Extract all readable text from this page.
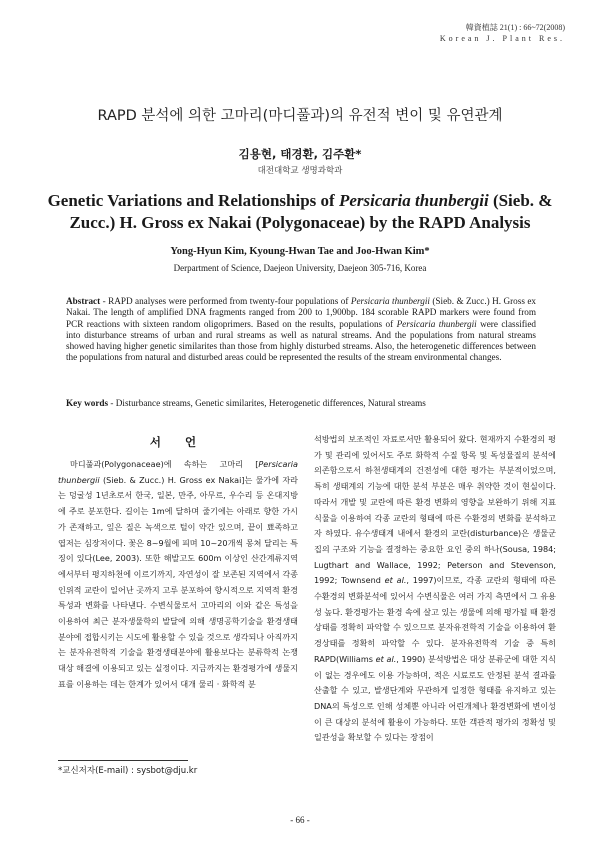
韓資植誌 21(1) : 66~72(2008)
Korean J. Plant Res.
RAPD 분석에 의한 고마리(마디풀과)의 유전적 변이 및 유연관계
김용현, 태경환, 김주환*
대전대학교 생명과학과
Genetic Variations and Relationships of Persicaria thunbergii (Sieb. & Zucc.) H. Gross ex Nakai (Polygonaceae) by the RAPD Analysis
Yong-Hyun Kim, Kyoung-Hwan Tae and Joo-Hwan Kim*
Derpartment of Science, Daejeon University, Daejeon 305-716, Korea
Abstract - RAPD analyses were performed from twenty-four populations of Persicaria thunbergii (Sieb. & Zucc.) H. Gross ex Nakai. The length of amplified DNA fragments ranged from 200 to 1,900bp. 184 scorable RAPD markers were found from PCR reactions with sixteen random oligoprimers. Based on the results, populations of Persicaria thunbergii were classified into disturbance streams of urban and rural streams as well as natural streams. And the populations from natural streams showed having higher genetic similarites than those from highly disturbed streams. Also, the heterogenetic differences between the populations from natural and disturbed areas could be represented the results of the stream environmental changes.
Key words - Disturbance streams, Genetic similarites, Heterogenetic differences, Natural streams
서 언
마디풀과(Polygonaceae)에 속하는 고마리 [Persicaria thunbergii (Sieb. & Zucc.) H. Gross ex Nakai]는 물가에 자라는 덩굴성 1년초로서 한국, 일본, 만주, 아무르, 우수리 등 온대지방에 주로 분포한다. 길이는 1m에 달하며 줄기에는 아래로 향한 가시가 존재하고, 잎은 질은 녹색으로 털이 약간 있으며, 끝이 뾰족하고 엽저는 심장저이다. 꽃은 8~9월에 피며 10~20개씩 몽쳐 달리는 특징이 있다(Lee, 2003). 또한 해발고도 600m 이상인 산간계류지역에서부터 평지하천에 이르기까지, 자연성이 잘 보존된 지역에서 각종 인위적 교란이 일어난 곳까지 고루 분포하여 향시적으로 지역적 환경특성과 변화를 나타낸다. 수변식물로서 고마리의 이와 같은 특성을 이용하여 최근 분자생물학의 발달에 의해 생명공학기술을 환경생태분야에 접합시키는 시도에 활용할 수 있을 것으로 생각되나 아직까지는 분자유전학적 기술을 환경생태분야에 활용보다는 분류학적 논쟁 대상 해결에 이용되고 있는 실정이다. 지금까지는 환경평가에 생물지표를 이용하는 데는 한계가 있어서 대개 물리 · 화학적 분
석방법의 보조적인 자료로서만 활용되어 왔다. 현재까지 수환경의 평가 및 관리에 있어서도 주로 화학적 수질 항목 및 독성물질의 분석에 의존함으로서 하천생태계의 건전성에 대한 평가는 부분적이었으며, 특히 생태계의 기능에 대한 분석 부분은 매우 취약한 것이 현실이다. 따라서 개발 및 교란에 따른 환경 변화의 영향을 보완하기 위해 지표식물을 이용하여 각종 교란의 형태에 따른 수환경의 변화를 분석하고자 하였다. 유수생태계 내에서 환경의 교란(disturbance)은 생물군집의 구조와 기능을 결정하는 중요한 요인 중의 하나(Sousa, 1984; Lugthart and Wallace, 1992; Peterson and Stevenson, 1992; Townsend et al., 1997)이므로, 각종 교란의 형태에 따른 수환경의 변화분석에 있어서 수변식물은 여러 가지 측면에서 그 유용성 높다. 환경평가는 환경 속에 살고 있는 생물에 의해 평가될 때 환경 상태를 정확히 파악할 수 있으므로 분자유전학적 기술을 이용하여 환경상태를 정확히 파악할 수 있다. 분자유전학적 기술 중 특히 RAPD(Williams et al., 1990) 분석방법은 대상 분류군에 대한 지식이 없는 경우에도 이용 가능하며, 적은 시료로도 안정된 분석 결과를 산출할 수 있고, 발생단계와 무관하게 일정한 형태를 유지하고 있는 DNA의 특성으로 인해 성체뿐 아니라 어린개체나 환경변화에 변이성이 큰 대상의 분석에 활용이 가능하다. 또한 객관적 평가의 정확성 및 일관성을 확보할 수 있다는 장점이
*교신저자(E-mail) : sysbot@dju.kr
- 66 -
